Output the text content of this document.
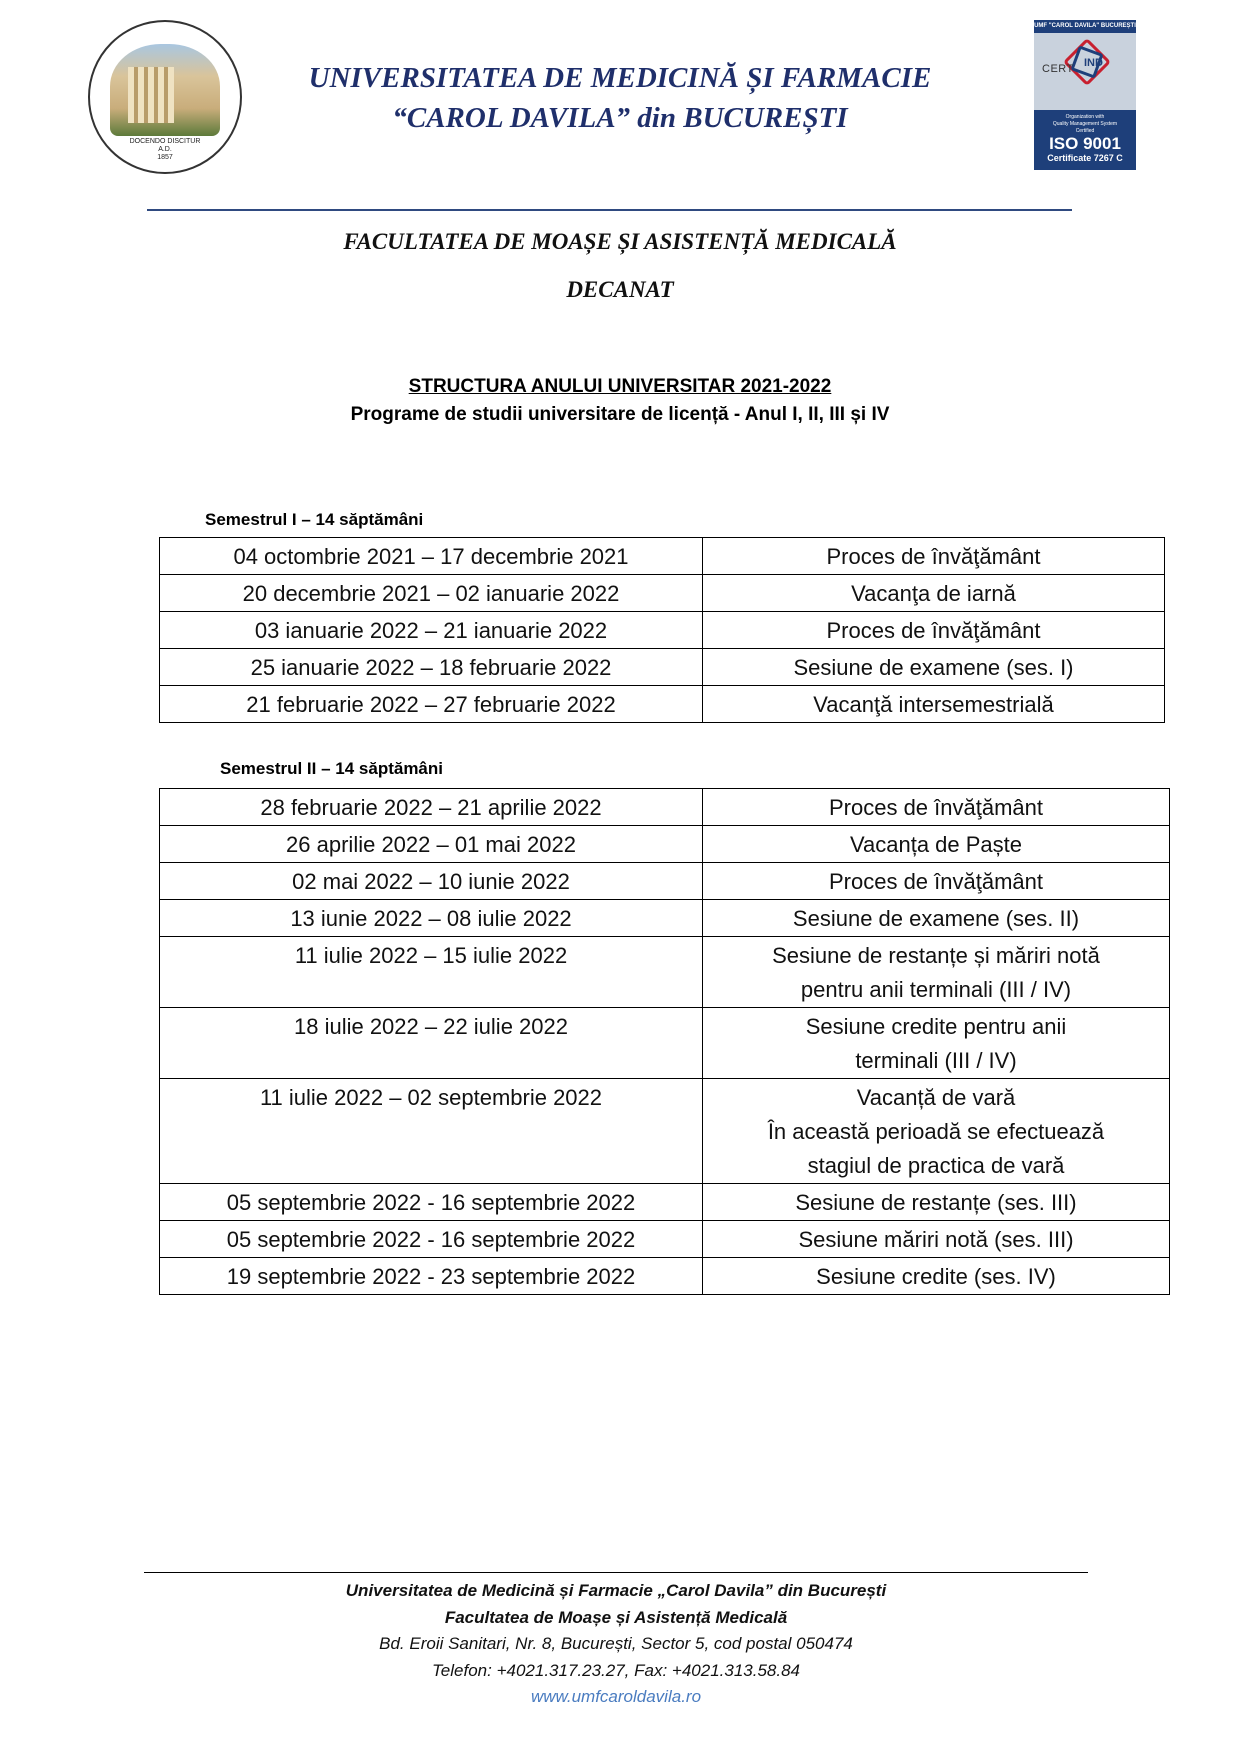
DOCENDO DISCITUR
A.D.
1857
UNIVERSITATEA DE MEDICINĂ ȘI FARMACIE
“CAROL DAVILA” din BUCUREȘTI
UMF "CAROL DAVILA" BUCUREȘTI
CERT IND
Organization with
Quality Management System
Certified
ISO 9001
Certificate 7267 C
FACULTATEA DE MOAȘE ȘI ASISTENȚĂ MEDICALĂ
DECANAT
STRUCTURA ANULUI UNIVERSITAR 2021-2022
Programe de studii universitare de licență - Anul I, II, III și IV
Semestrul I – 14 săptămâni
04 octombrie 2021 – 17 decembrie 2021	Proces de învăţământ
20 decembrie 2021 – 02 ianuarie 2022	Vacanţa de iarnă
03 ianuarie 2022 – 21 ianuarie 2022	Proces de învăţământ
25 ianuarie 2022 – 18 februarie 2022	Sesiune de examene (ses. I)
21 februarie 2022 – 27 februarie 2022	Vacanţă intersemestrială
Semestrul II – 14 săptămâni
28 februarie 2022 – 21 aprilie 2022	Proces de învăţământ
26 aprilie 2022 – 01 mai 2022	Vacanța de Paște
02 mai 2022 – 10 iunie 2022	Proces de învăţământ
13 iunie 2022 – 08 iulie 2022	Sesiune de examene (ses. II)
11 iulie 2022 – 15 iulie 2022	Sesiune de restanțe și măriri notă
pentru anii terminali (III / IV)

18 iulie 2022 – 22 iulie 2022	Sesiune credite pentru anii
terminali (III / IV)

11 iulie 2022 – 02 septembrie 2022	Vacanță de vară
În această perioadă se efectuează
stagiul de practica de vară

05 septembrie 2022 - 16 septembrie 2022	Sesiune de restanțe (ses. III)
05 septembrie 2022 - 16 septembrie 2022	Sesiune măriri notă (ses. III)
19 septembrie 2022 - 23 septembrie 2022	Sesiune credite (ses. IV)
Universitatea de Medicină și Farmacie „Carol Davila” din București
Facultatea de Moașe și Asistență Medicală
Bd. Eroii Sanitari, Nr. 8, București, Sector 5, cod postal 050474
Telefon: +4021.317.23.27, Fax: +4021.313.58.84
www.umfcaroldavila.ro
